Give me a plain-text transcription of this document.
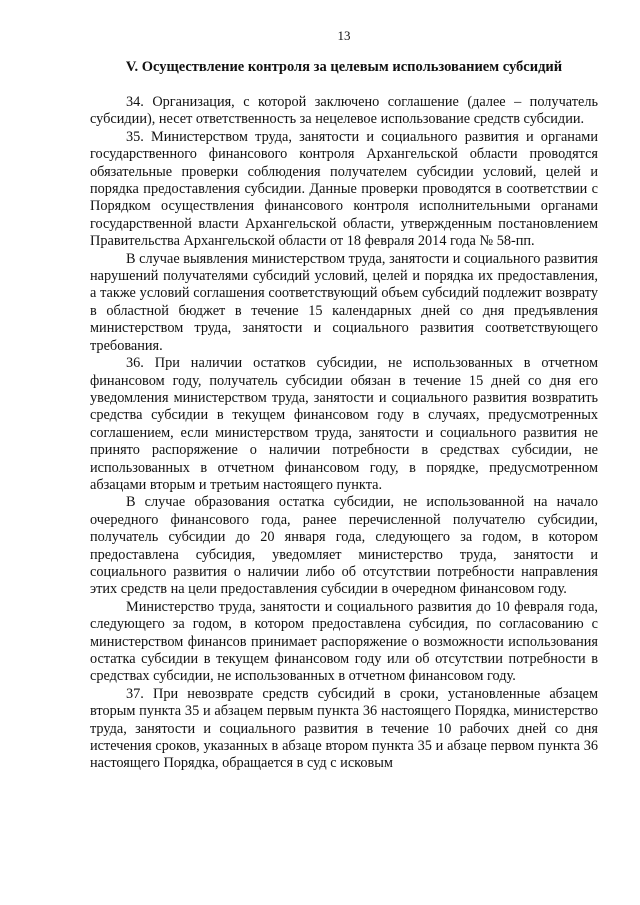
13
V. Осуществление контроля за целевым использованием субсидий

34. Организация, с которой заключено соглашение (далее – получатель субсидии), несет ответственность за нецелевое использование средств субсидии.

35. Министерством труда, занятости и социального развития и органами государственного финансового контроля Архангельской области проводятся обязательные проверки соблюдения получателем субсидии условий, целей и порядка предоставления субсидии. Данные проверки проводятся в соответствии с Порядком осуществления финансового контроля исполнительными органами государственной власти Архангельской области, утвержденным постановлением Правительства Архангельской области от 18 февраля 2014 года № 58-пп.

В случае выявления министерством труда, занятости и социального развития нарушений получателями субсидий условий, целей и порядка их предоставления, а также условий соглашения соответствующий объем субсидий подлежит возврату в областной бюджет в течение 15 календарных дней со дня предъявления министерством труда, занятости и социального развития соответствующего требования.

36. При наличии остатков субсидии, не использованных в отчетном финансовом году, получатель субсидии обязан в течение 15 дней со дня его уведомления министерством труда, занятости и социального развития возвратить средства субсидии в текущем финансовом году в случаях, предусмотренных соглашением, если министерством труда, занятости и социального развития не принято распоряжение о наличии потребности в средствах субсидии, не использованных в отчетном финансовом году, в порядке, предусмотренном абзацами вторым и третьим настоящего пункта.

В случае образования остатка субсидии, не использованной на начало очередного финансового года, ранее перечисленной получателю субсидии, получатель субсидии до 20 января года, следующего за годом, в котором предоставлена субсидия, уведомляет министерство труда, занятости и социального развития о наличии либо об отсутствии потребности направления этих средств на цели предоставления субсидии в очередном финансовом году.

Министерство труда, занятости и социального развития до 10 февраля года, следующего за годом, в котором предоставлена субсидия, по согласованию с министерством финансов принимает распоряжение о возможности использования остатка субсидии в текущем финансовом году или об отсутствии потребности в средствах субсидии, не использованных в отчетном финансовом году.

37. При невозврате средств субсидий в сроки, установленные абзацем вторым пункта 35 и абзацем первым пункта 36 настоящего Порядка, министерство труда, занятости и социального развития в течение 10 рабочих дней со дня истечения сроков, указанных в абзаце втором пункта 35 и абзаце первом пункта 36 настоящего Порядка, обращается в суд с исковым
